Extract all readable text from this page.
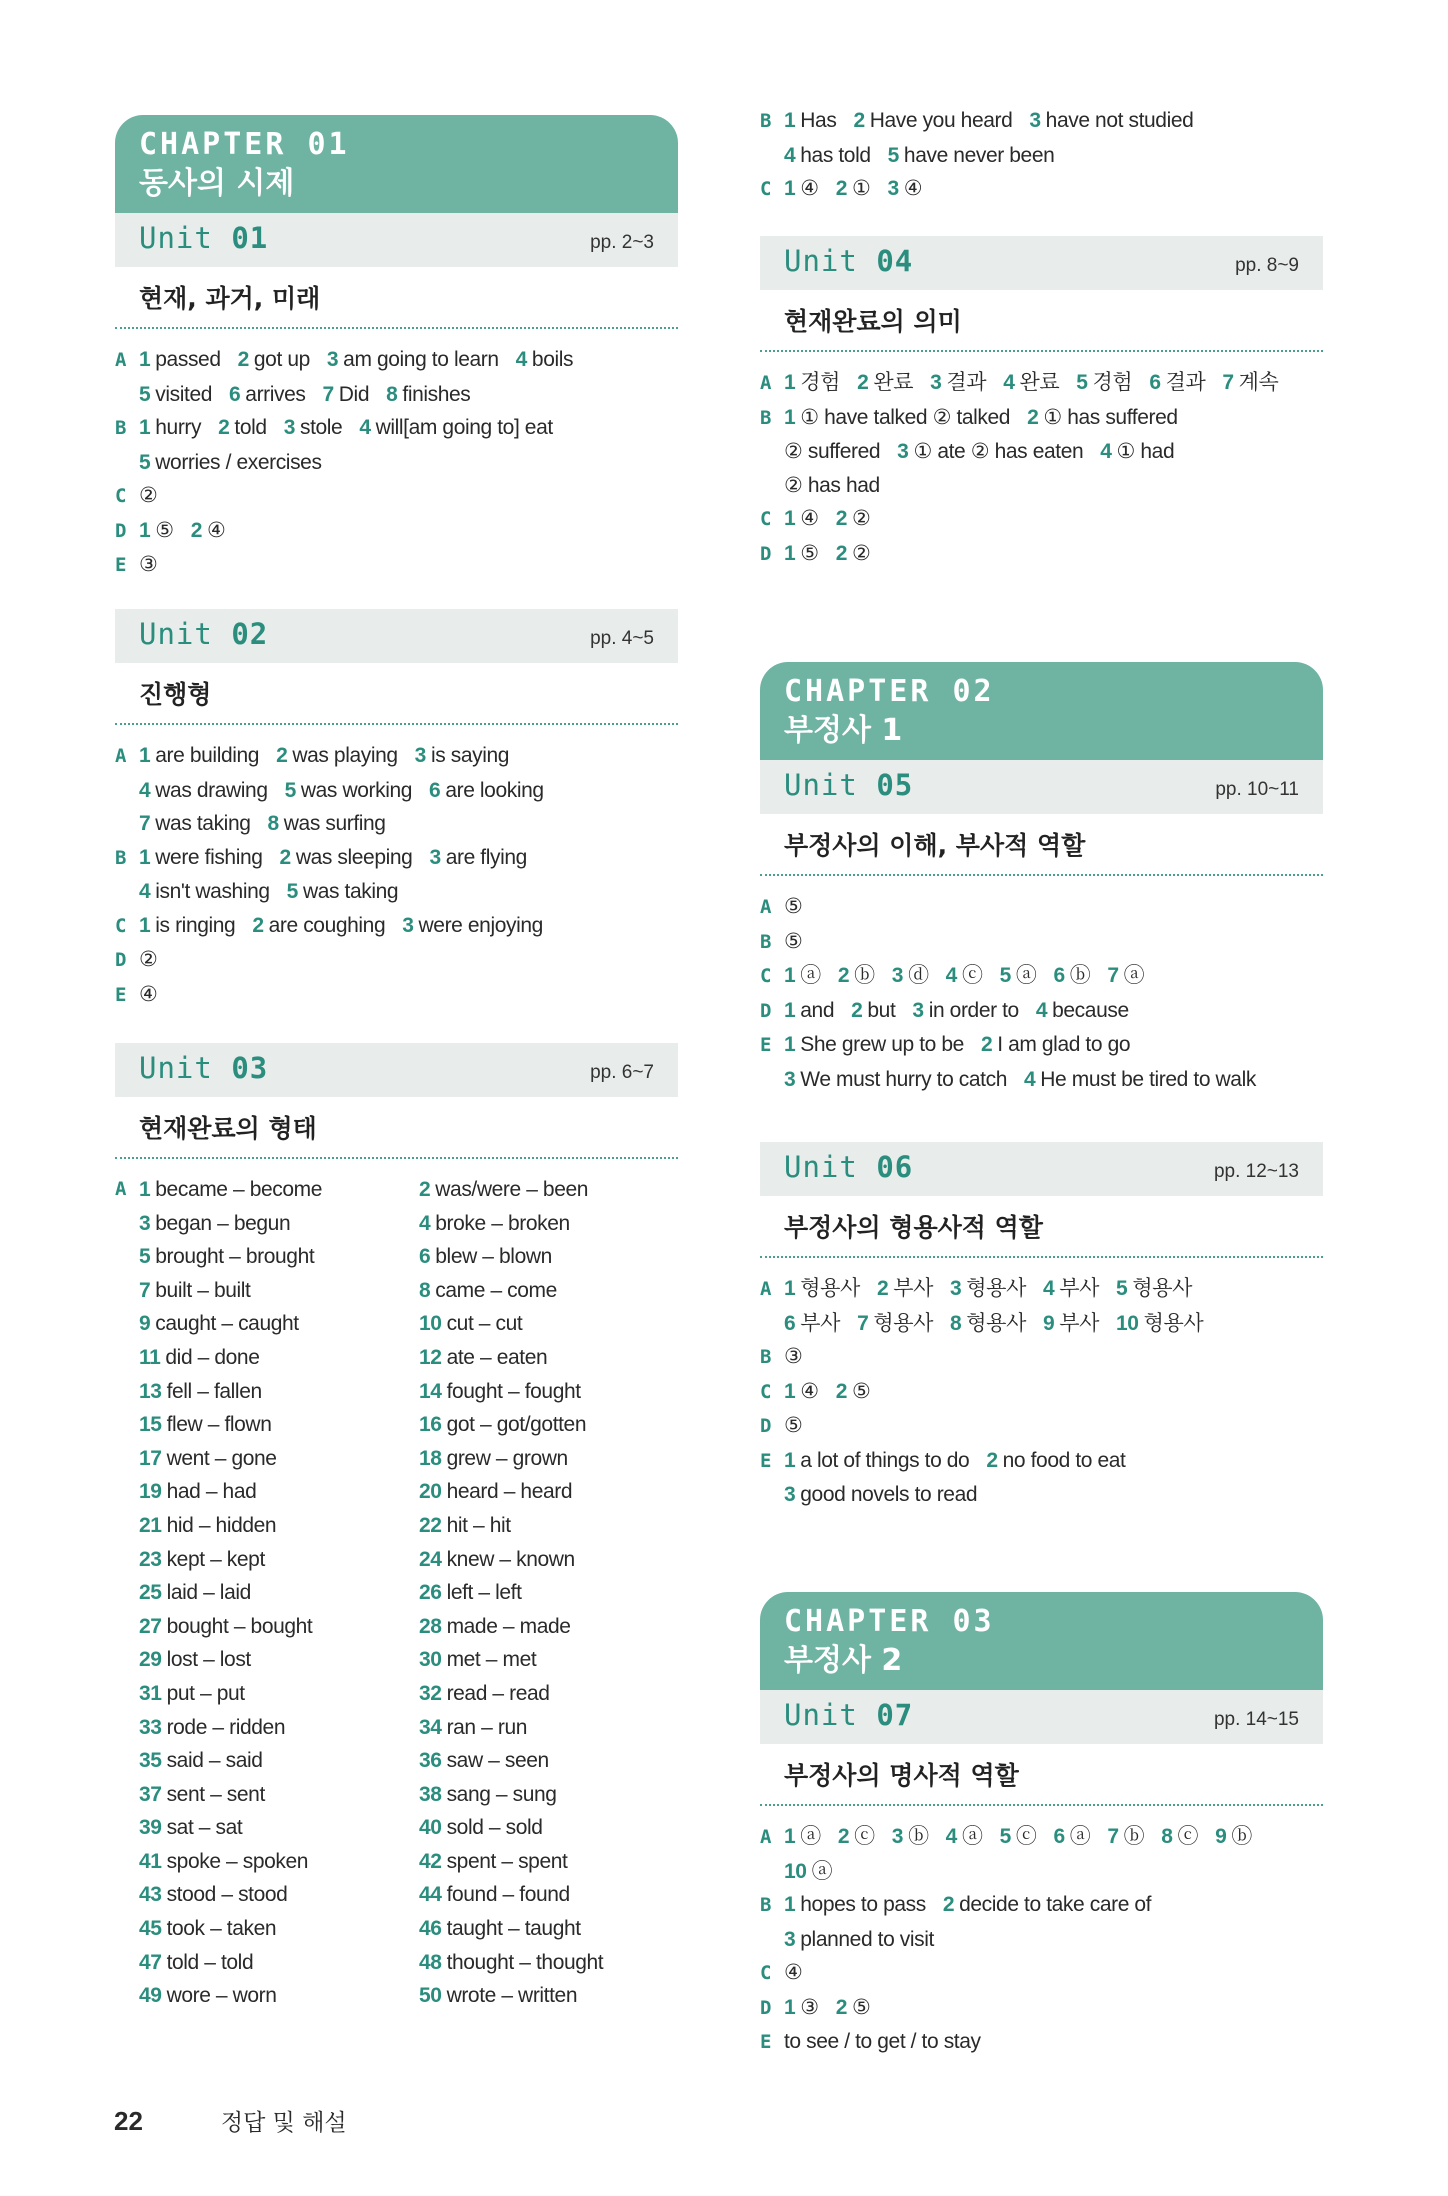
CHAPTER 01
동사의 시제
Unit 01	pp. 2~3
현재, 과거, 미래
A 1 passed 2 got up 3 am going to learn 4 boils
5 visited 6 arrives 7 Did 8 finishes
B 1 hurry 2 told 3 stole 4 will[am going to] eat
5 worries / exercises
C ②
D 1 ⑤ 2 ④
E ③
Unit 02	pp. 4~5
진행형
A 1 are building 2 was playing 3 is saying
4 was drawing 5 was working 6 are looking
7 was taking 8 was surfing
B 1 were fishing 2 was sleeping 3 are flying
4 isn't washing 5 was taking
C 1 is ringing 2 are coughing 3 were enjoying
D ②
E ④
Unit 03	pp. 6~7
현재완료의 형태
A 1 became – become	2 was/were – been
3 began – begun	4 broke – broken
5 brought – brought	6 blew – blown
7 built – built	8 came – come
9 caught – caught	10 cut – cut
11 did – done	12 ate – eaten
13 fell – fallen	14 fought – fought
15 flew – flown	16 got – got/gotten
17 went – gone	18 grew – grown
19 had – had	20 heard – heard
21 hid – hidden	22 hit – hit
23 kept – kept	24 knew – known
25 laid – laid	26 left – left
27 bought – bought	28 made – made
29 lost – lost	30 met – met
31 put – put	32 read – read
33 rode – ridden	34 ran – run
35 said – said	36 saw – seen
37 sent – sent	38 sang – sung
39 sat – sat	40 sold – sold
41 spoke – spoken	42 spent – spent
43 stood – stood	44 found – found
45 took – taken	46 taught – taught
47 told – told	48 thought – thought
49 wore – worn	50 wrote – written
B 1 Has 2 Have you heard 3 have not studied
4 has told 5 have never been
C 1 ④ 2 ① 3 ④
Unit 04	pp. 8~9
현재완료의 의미
A 1 경험 2 완료 3 결과 4 완료 5 경험 6 결과 7 계속
B 1 ① have talked ② talked 2 ① has suffered
② suffered 3 ① ate ② has eaten 4 ① had
② has had
C 1 ④ 2 ②
D 1 ⑤ 2 ②
CHAPTER 02
부정사 1
Unit 05	pp. 10~11
부정사의 이해, 부사적 역할
A ⑤
B ⑤
C 1 ⓐ 2 ⓑ 3 ⓓ 4 ⓒ 5 ⓐ 6 ⓑ 7 ⓐ
D 1 and 2 but 3 in order to 4 because
E 1 She grew up to be 2 I am glad to go
3 We must hurry to catch 4 He must be tired to walk
Unit 06	pp. 12~13
부정사의 형용사적 역할
A 1 형용사 2 부사 3 형용사 4 부사 5 형용사
6 부사 7 형용사 8 형용사 9 부사 10 형용사
B ③
C 1 ④ 2 ⑤
D ⑤
E 1 a lot of things to do 2 no food to eat
3 good novels to read
CHAPTER 03
부정사 2
Unit 07	pp. 14~15
부정사의 명사적 역할
A 1 ⓐ 2 ⓒ 3 ⓑ 4 ⓐ 5 ⓒ 6 ⓐ 7 ⓑ 8 ⓒ 9 ⓑ
10 ⓐ
B 1 hopes to pass 2 decide to take care of
3 planned to visit
C ④
D 1 ③ 2 ⑤
E to see / to get / to stay
22	정답 및 해설
